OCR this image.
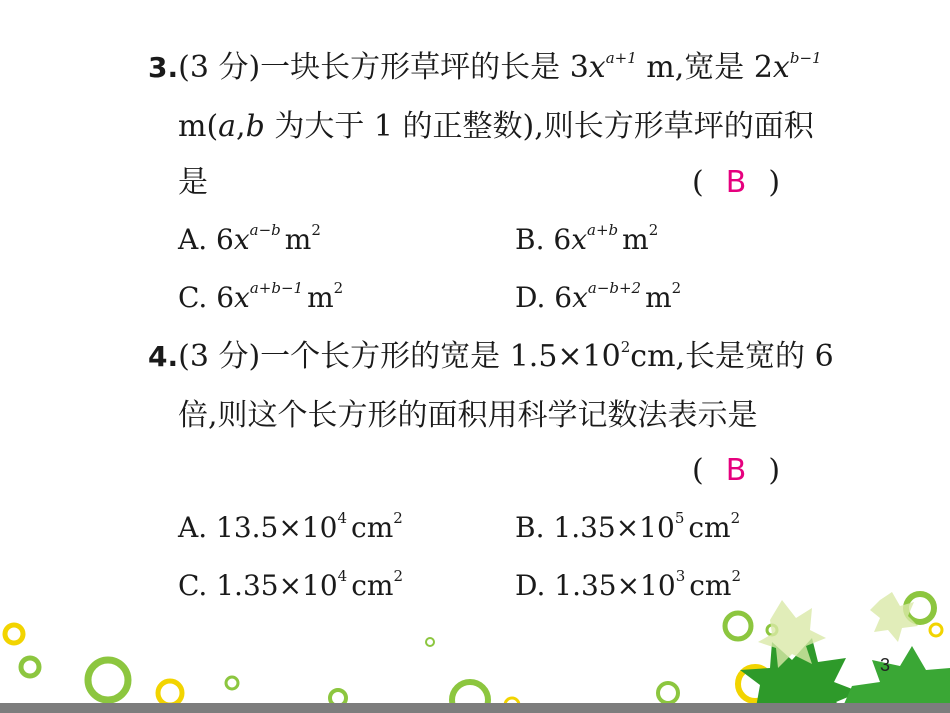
3.(3 分)一块长方形草坪的长是 $3x^{a+1}$ m,宽是 $2x^{b-1}$
m(a,b 为大于 1 的正整数),则长方形草坪的面积
是	( B )
A. $6x^{a-b}$ $m^2$	B. $6x^{a+b}$ $m^2$
C. $6x^{a+b-1}$ $m^2$	D. $6x^{a-b+2}$ $m^2$
4.(3 分)一个长方形的宽是 $1.5\times 10^2cm$,长是宽的 6
倍,则这个长方形的面积用科学记数法表示是
( B )
A. $13.5\times 10^4$ $cm^2$	B. $1.35\times 10^5$ $cm^2$
C. $1.35\times 10^4$ $cm^2$	D. $1.35\times 10^3$ $cm^2$
3
